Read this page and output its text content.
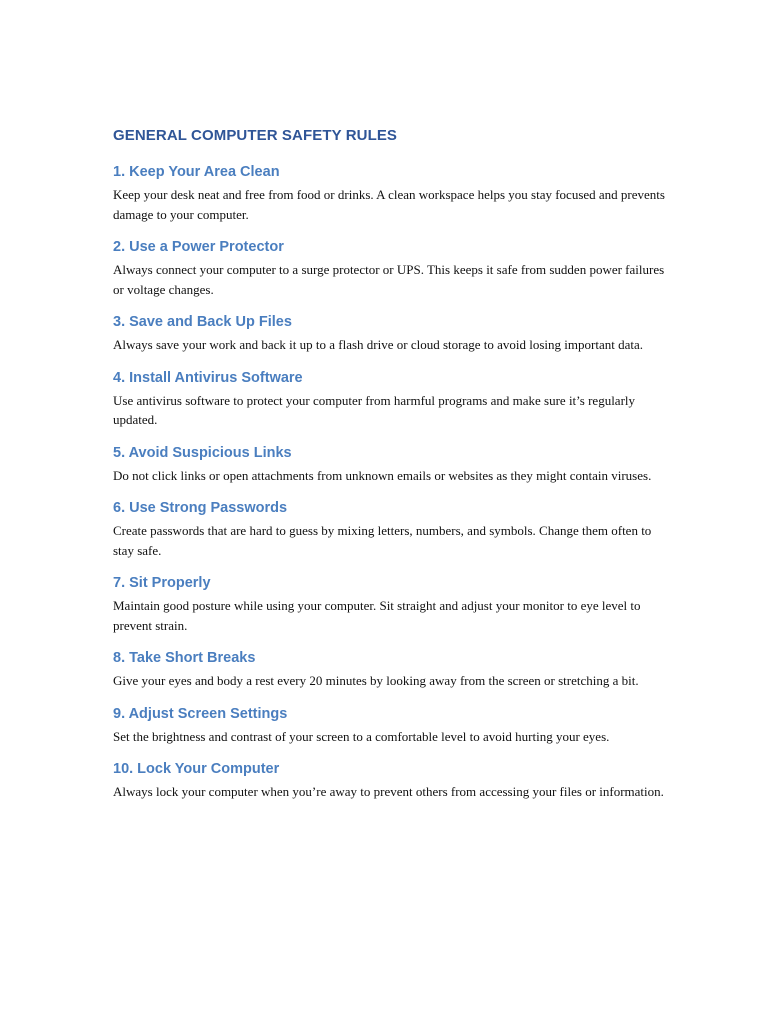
GENERAL COMPUTER SAFETY RULES
1. Keep Your Area Clean

Keep your desk neat and free from food or drinks. A clean workspace helps you stay focused and prevents damage to your computer.

2. Use a Power Protector

Always connect your computer to a surge protector or UPS. This keeps it safe from sudden power failures or voltage changes.

3. Save and Back Up Files

Always save your work and back it up to a flash drive or cloud storage to avoid losing important data.

4. Install Antivirus Software

Use antivirus software to protect your computer from harmful programs and make sure it’s regularly updated.

5. Avoid Suspicious Links

Do not click links or open attachments from unknown emails or websites as they might contain viruses.

6. Use Strong Passwords

Create passwords that are hard to guess by mixing letters, numbers, and symbols. Change them often to stay safe.

7. Sit Properly

Maintain good posture while using your computer. Sit straight and adjust your monitor to eye level to prevent strain.

8. Take Short Breaks

Give your eyes and body a rest every 20 minutes by looking away from the screen or stretching a bit.

9. Adjust Screen Settings

Set the brightness and contrast of your screen to a comfortable level to avoid hurting your eyes.

10. Lock Your Computer

Always lock your computer when you’re away to prevent others from accessing your files or information.
